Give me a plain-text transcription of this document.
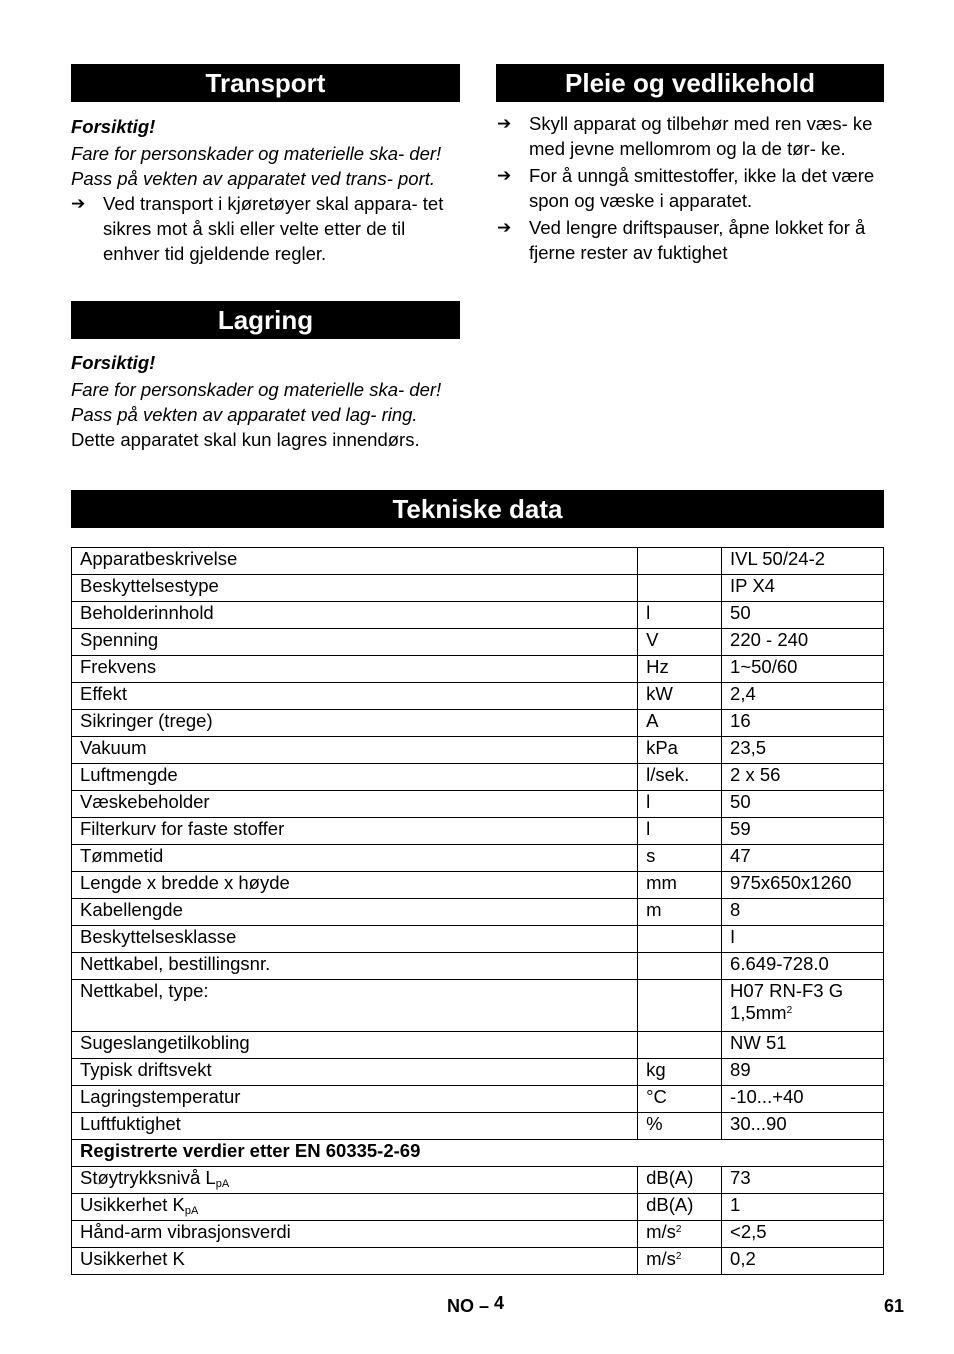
Transport

Forsiktig!

Fare for personskader og materielle ska- der! Pass på vekten av apparatet ved trans- port.

➔ Ved transport i kjøretøyer skal appara- tet sikres mot å skli eller velte etter de til enhver tid gjeldende regler.

Lagring

Forsiktig!

Fare for personskader og materielle ska- der! Pass på vekten av apparatet ved lag- ring.

Dette apparatet skal kun lagres innendørs.

Pleie og vedlikehold

➔ Skyll apparat og tilbehør med ren væs- ke med jevne mellomrom og la de tør- ke.

➔ For å unngå smittestoffer, ikke la det være spon og væske i apparatet.

➔ Ved lengre driftspauser, åpne lokket for å fjerne rester av fuktighet

Tekniske data
Apparatbeskrivelse		IVL 50/24-2
Beskyttelsestype		IP X4
Beholderinnhold	l	50
Spenning	V	220 - 240
Frekvens	Hz	1~50/60
Effekt	kW	2,4
Sikringer (trege)	A	16
Vakuum	kPa	23,5
Luftmengde	l/sek.	2 x 56
Væskebeholder	l	50
Filterkurv for faste stoffer	l	59
Tømmetid	s	47
Lengde x bredde x høyde	mm	975x650x1260
Kabellengde	m	8
Beskyttelsesklasse		I
Nettkabel, bestillingsnr.		6.649-728.0
Nettkabel, type:		H07 RN-F3 G
$1,5mm^2$
Sugeslangetilkobling		NW 51
Typisk driftsvekt	kg	89
Lagringstemperatur	°C	-10...+40
Luftfuktighet	%	30...90
Registrerte verdier etter EN 60335-2-69		
Støytrykksnivå $L_{pA}$	dB(A)	73
Usikkerhet $K_{pA}$	dB(A)	1
Hånd-arm vibrasjonsverdi	$m/s^2$	<2,5
Usikkerhet K	$m/s^2$	0,2
NO – 4	61
